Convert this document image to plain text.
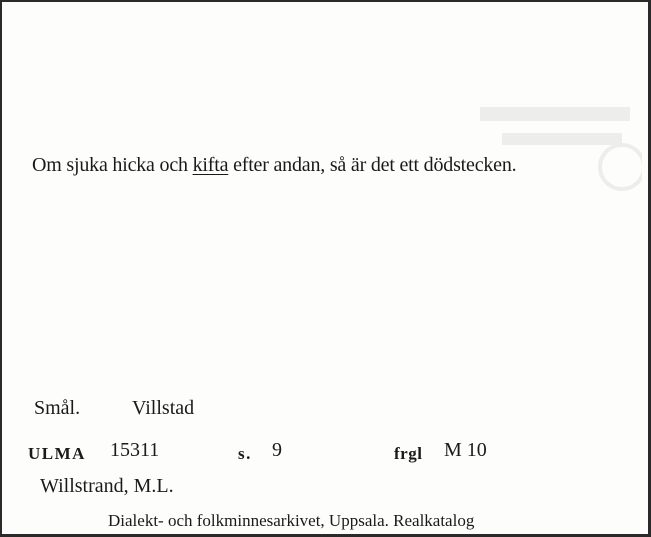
Om sjuka hicka och kifta efter andan, så är det ett dödstecken.
Smål.	Villstad
ULMA 15311	s. 9	frgl M 10
Willstrand, M.L.
Dialekt- och folkminnesarkivet, Uppsala. Realkatalog
